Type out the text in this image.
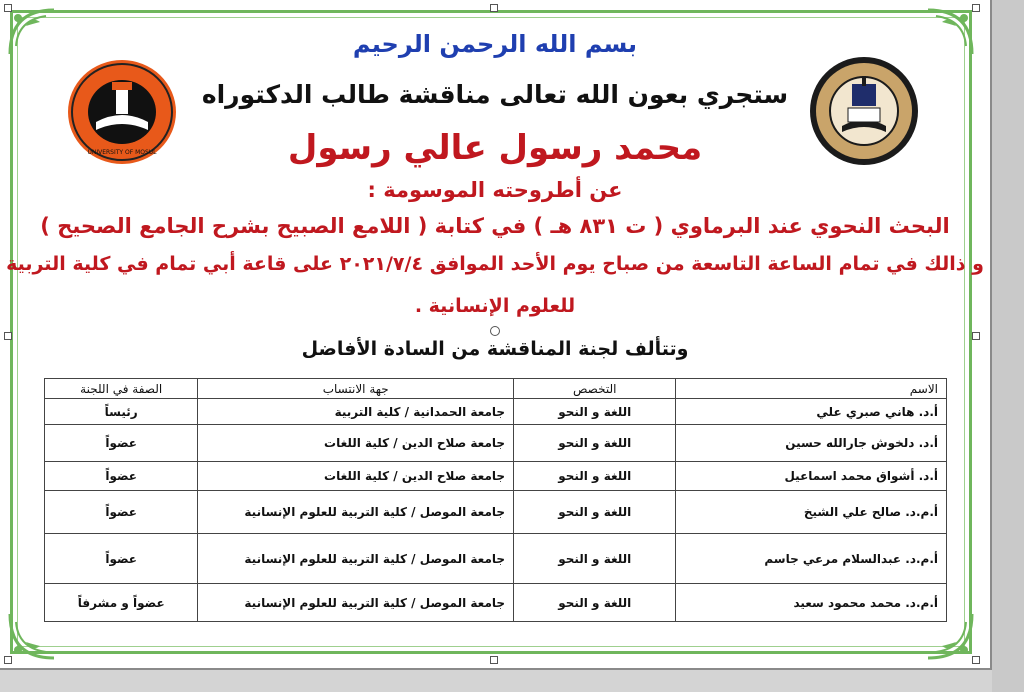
UNIVERSITY OF MOSUL
بسم الله الرحمن الرحيم
ستجري بعون الله تعالى مناقشة طالب الدكتوراه
محمد رسول عالي رسول
عن أطروحته الموسومة :
البحث النحوي عند البرماوي ( ت ٨٣١ هـ ) في كتابة ( اللامع الصبيح بشرح الجامع الصحيح )
و ذالك في تمام الساعة التاسعة من صباح يوم الأحد الموافق ٢٠٢١/٧/٤ على قاعة أبي تمام في كلية التربية
للعلوم الإنسانية .
وتتألف لجنة المناقشة من السادة الأفاضل
الاسم	التخصص	جهة الانتساب	الصفة في اللجنة
أ.د. هاني صبري علي	اللغة و النحو	جامعة الحمدانية / كلية التربية	رئيساً
أ.د. دلخوش جارالله حسين	اللغة و النحو	جامعة صلاح الدين / كلية اللغات	عضواً
أ.د. أشواق محمد اسماعيل	اللغة و النحو	جامعة صلاح الدين / كلية اللغات	عضواً
أ.م.د. صالح علي الشيخ	اللغة و النحو	جامعة الموصل / كلية التربية للعلوم الإنسانية	عضواً
أ.م.د. عبدالسلام مرعي جاسم	اللغة و النحو	جامعة الموصل / كلية التربية للعلوم الإنسانية	عضواً
أ.م.د. محمد محمود سعيد	اللغة و النحو	جامعة الموصل / كلية التربية للعلوم الإنسانية	عضواً و مشرفاً
